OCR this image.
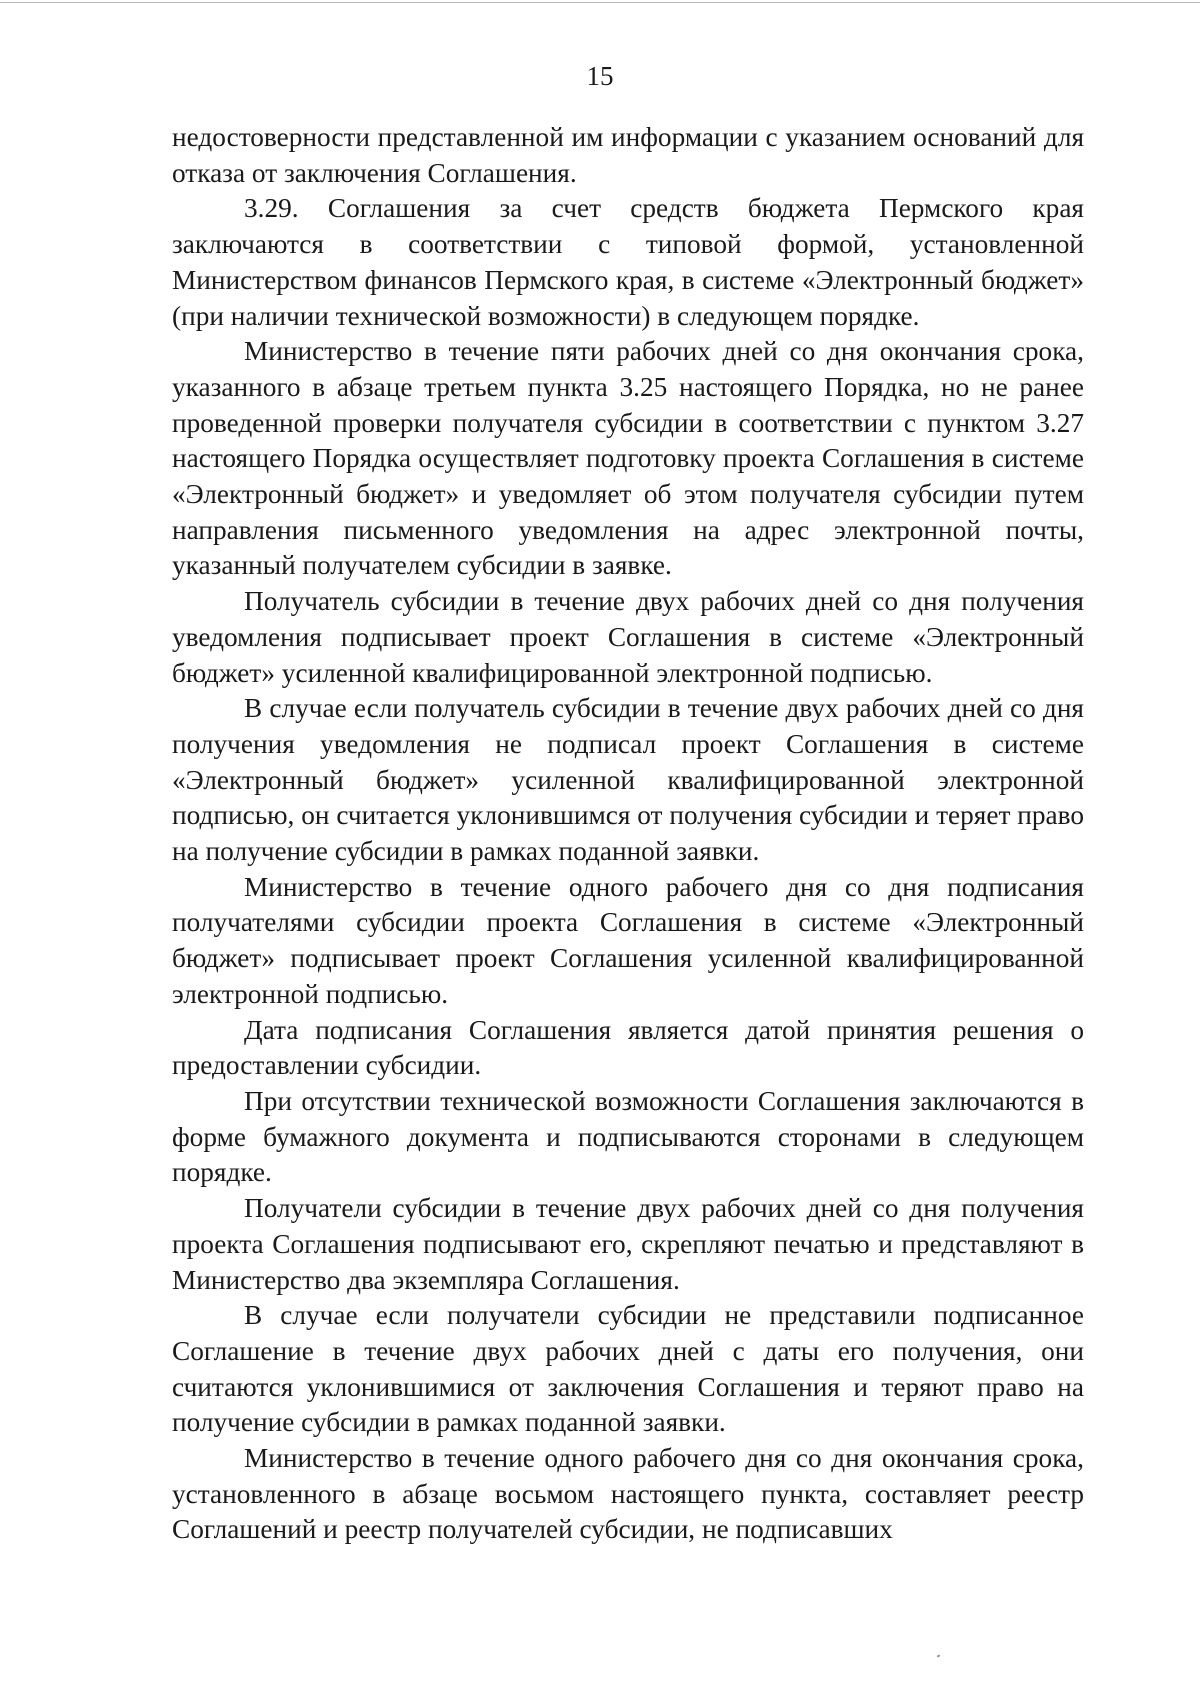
15

недостоверности представленной им информации с указанием оснований для отказа от заключения Соглашения.

3.29. Соглашения за счет средств бюджета Пермского края заключаются в соответствии с типовой формой, установленной Министерством финансов Пермского края, в системе «Электронный бюджет» (при наличии технической возможности) в следующем порядке.

Министерство в течение пяти рабочих дней со дня окончания срока, указанного в абзаце третьем пункта 3.25 настоящего Порядка, но не ранее проведенной проверки получателя субсидии в соответствии с пунктом 3.27 настоящего Порядка осуществляет подготовку проекта Соглашения в системе «Электронный бюджет» и уведомляет об этом получателя субсидии путем направления письменного уведомления на адрес электронной почты, указанный получателем субсидии в заявке.

Получатель субсидии в течение двух рабочих дней со дня получения уведомления подписывает проект Соглашения в системе «Электронный бюджет» усиленной квалифицированной электронной подписью.

В случае если получатель субсидии в течение двух рабочих дней со дня получения уведомления не подписал проект Соглашения в системе «Электронный бюджет» усиленной квалифицированной электронной подписью, он считается уклонившимся от получения субсидии и теряет право на получение субсидии в рамках поданной заявки.

Министерство в течение одного рабочего дня со дня подписания получателями субсидии проекта Соглашения в системе «Электронный бюджет» подписывает проект Соглашения усиленной квалифицированной электронной подписью.

Дата подписания Соглашения является датой принятия решения о предоставлении субсидии.

При отсутствии технической возможности Соглашения заключаются в форме бумажного документа и подписываются сторонами в следующем порядке.

Получатели субсидии в течение двух рабочих дней со дня получения проекта Соглашения подписывают его, скрепляют печатью и представляют в Министерство два экземпляра Соглашения.

В случае если получатели субсидии не представили подписанное Соглашение в течение двух рабочих дней с даты его получения, они считаются уклонившимися от заключения Соглашения и теряют право на получение субсидии в рамках поданной заявки.

Министерство в течение одного рабочего дня со дня окончания срока, установленного в абзаце восьмом настоящего пункта, составляет реестр Соглашений и реестр получателей субсидии, не подписавших
